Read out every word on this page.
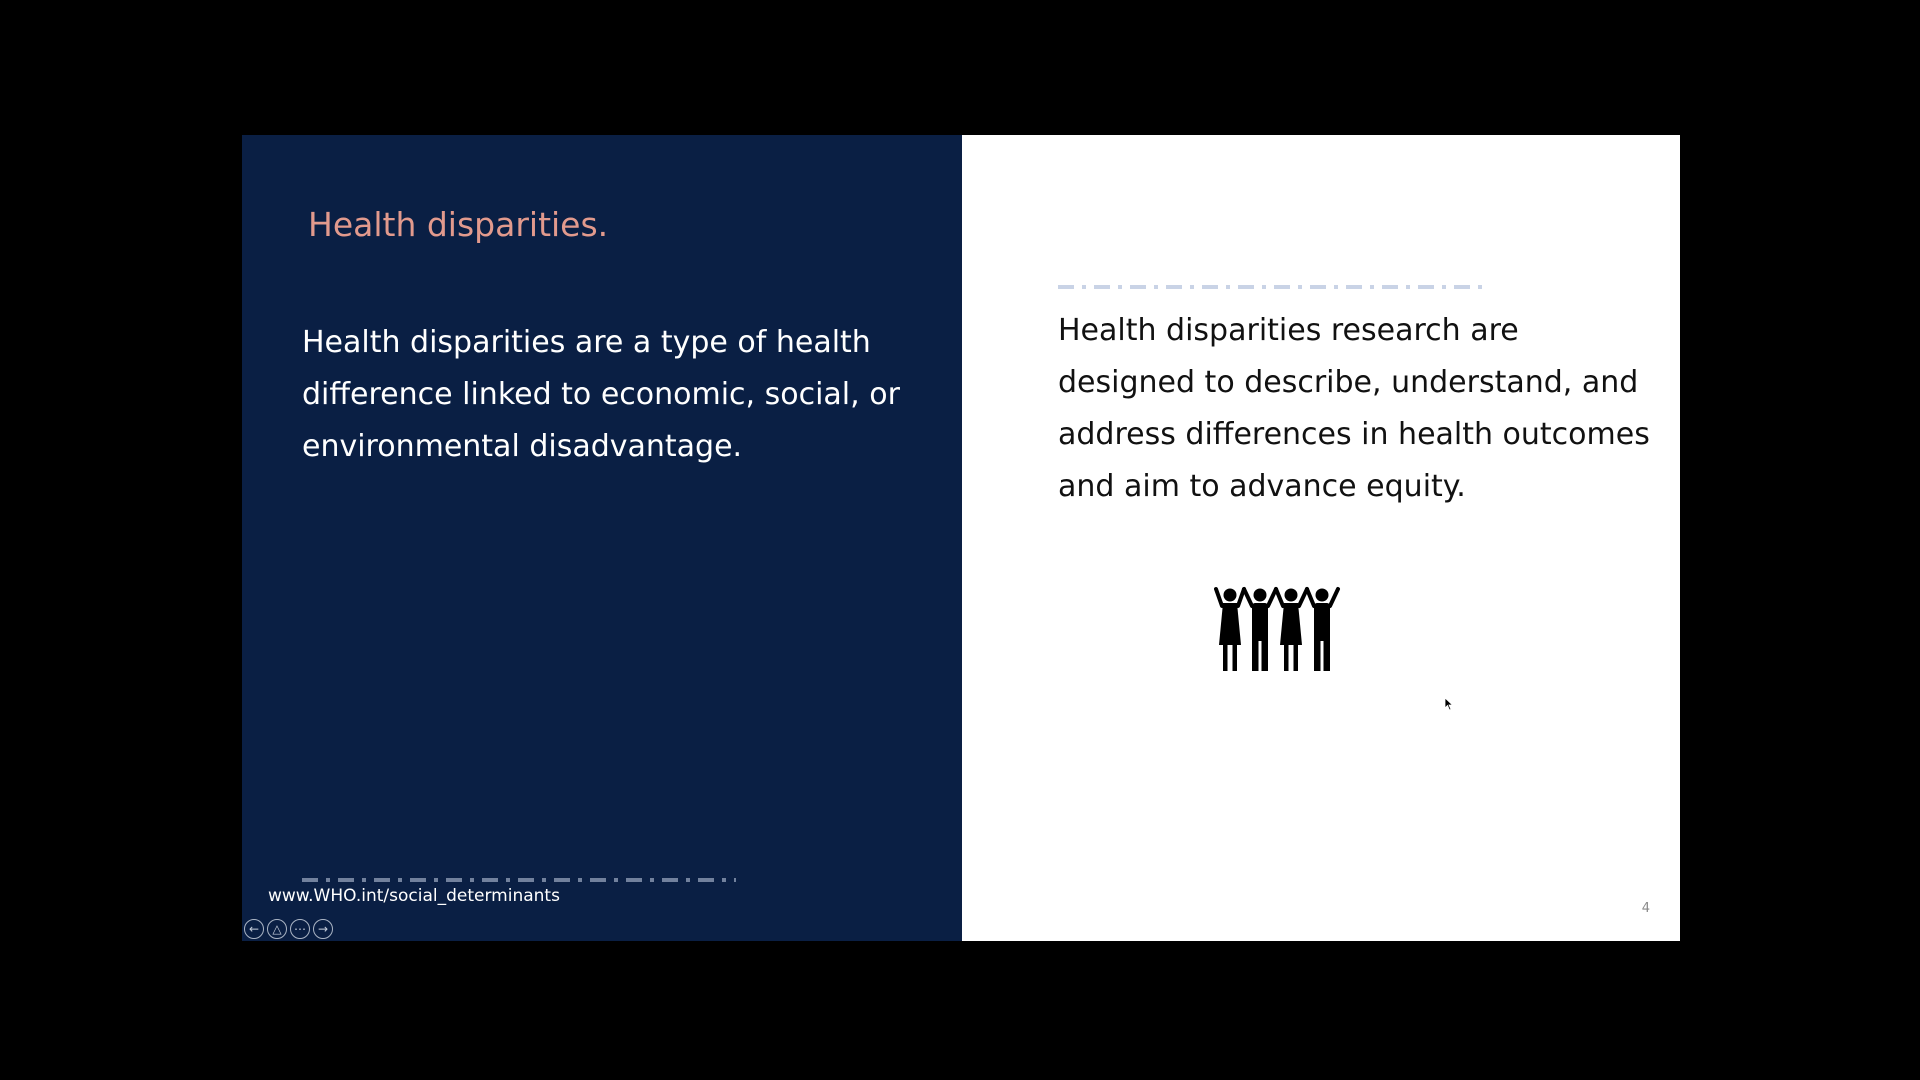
Health disparities.
Health disparities are a type of health difference linked to economic, social, or environmental disadvantage.
www.WHO.int/social_determinants
← △ ⋯ →
Health disparities research are designed to describe, understand, and address differences in health outcomes and aim to advance equity.
4
